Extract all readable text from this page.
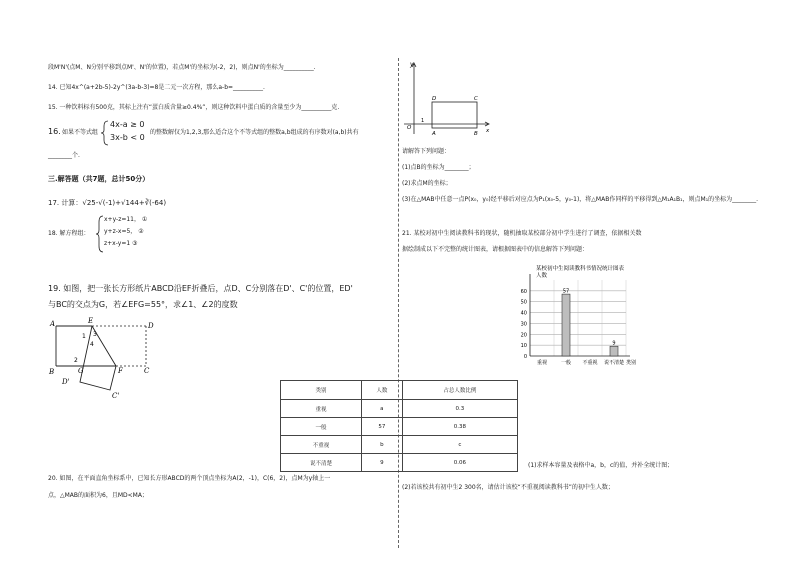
段M'N'(点M、N分别平移到点M'、N'的位置)，若点M'的坐标为(-2，2)，则点N'的坐标为__________.
14. 已知4x^(a+2b-5)-2y^(3a-b-3)=8是二元一次方程，那么a-b=__________.
15. 一种饮料标有500克，其标上注有“蛋白质含量≥0.4%”，则这种饮料中蛋白质的含量至少为__________克.
16. 如果不等式组
4x-a ≥ 0
3x-b < 0
的整数解仅为1,2,3,那么适合这个不等式组的整数a,b组成的有序数对(a,b)共有
________个.
三.解答题（共7题，总计50分）
17. 计算：√25-√(-1)+√144+∛(-64)
18. 解方程组：
x+y-z=11， ①
y+z-x=5， ②
z+x-y=1 ③
19. 如图，把一张长方形纸片ABCD沿EF折叠后，点D、C分别落在D'、C'的位置，ED'
与BC的交点为G，若∠EFG=55°，求∠1、∠2的度数
A	E
D
B	G	F	C
D'
C'
1
2
3
4
20. 如图，在平面直角坐标系中，已知长方形ABCD的两个顶点坐标为A(2，-1)，C(6，2)，点M为y轴上一
点，△MAB的面积为6，且MD<MA；
y
D	C
O
1
A	B x
请解答下列问题：
(1)点B的坐标为________；
(2)求点M的坐标；
(3)在△MAB中任意一点P(x₀，y₀)经平移后对应点为P₁(x₀-5，y₀-1)，将△MAB作同样的平移得到△M₁A₁B₁，则点M₁的坐标为________.
21. 某校对初中生阅读教科书的现状，随机抽取某校部分初中学生进行了调查，依据相关数
据绘制成以下不完整的统计图表，请根据图表中的信息解答下列问题：
某校初中生阅读教科书情况统计图表
人数
类别
0
10
20
30
40
50
60
重视	一般
57
不重视 说不清楚
9
类别	人数	占总人数比例
重视	a	0.3
一般	57	0.38
不重视	b	c
说不清楚	9	0.06	(1)求样本容量及表格中a，b，c的值，并补全统计图；
(2)若该校共有初中生2 300名，请估计该校“不重视阅读教科书”的初中生人数；
